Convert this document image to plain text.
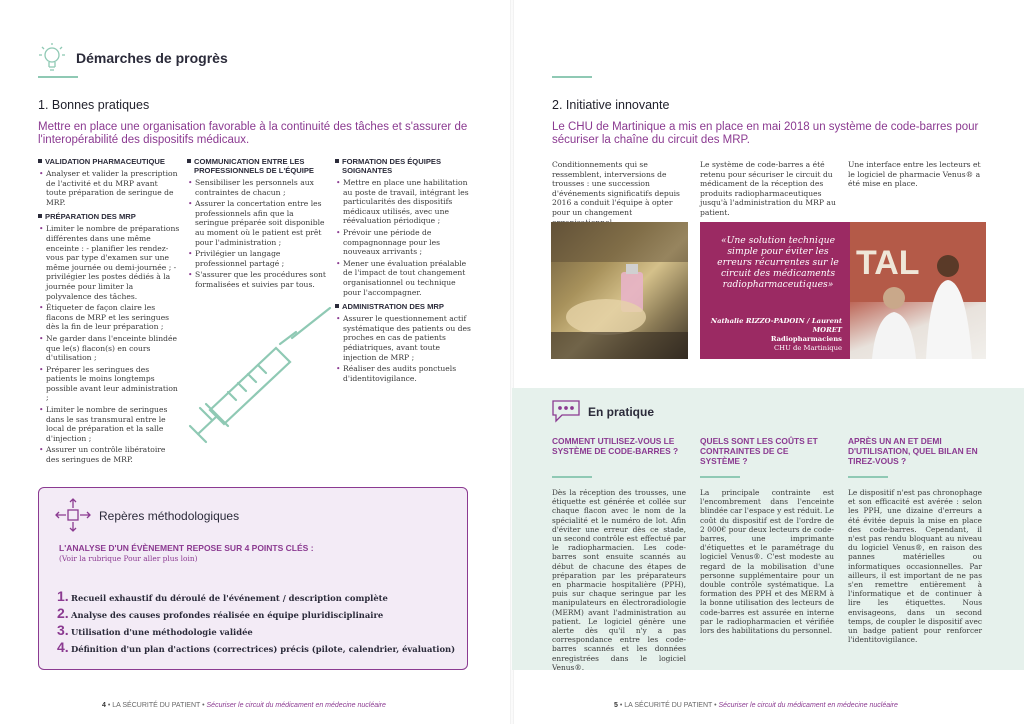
Démarches de progrès
1. Bonnes pratiques
Mettre en place une organisation favorable à la continuité des tâches et s'assurer de l'interopérabilité des dispositifs médicaux.
VALIDATION PHARMACEUTIQUE
• Analyser et valider la prescription de l'activité et du MRP avant toute préparation de seringue de MRP.
PRÉPARATION DES MRP
• Limiter le nombre de préparations différentes dans une même enceinte : - planifier les rendez-vous par type d'examen sur une même journée ou demi-journée ; - privilégier les postes dédiés à la journée pour limiter la polyvalence des tâches.
• Étiqueter de façon claire les flacons de MRP et les seringues dès la fin de leur préparation ;
• Ne garder dans l'enceinte blindée que le(s) flacon(s) en cours d'utilisation ;
• Préparer les seringues des patients le moins longtemps possible avant leur administration ;
• Limiter le nombre de seringues dans le sas transmural entre le local de préparation et la salle d'injection ;
• Assurer un contrôle libératoire des seringues de MRP.
COMMUNICATION ENTRE LES PROFESSIONNELS DE L'ÉQUIPE
• Sensibiliser les personnels aux contraintes de chacun ;
• Assurer la concertation entre les professionnels afin que la seringue préparée soit disponible au moment où le patient est prêt pour l'administration ;
• Privilégier un langage professionnel partagé ;
• S'assurer que les procédures sont formalisées et suivies par tous.
FORMATION DES ÉQUIPES SOIGNANTES
• Mettre en place une habilitation au poste de travail, intégrant les particularités des dispositifs médicaux utilisés, avec une réévaluation périodique ;
• Prévoir une période de compagnonnage pour les nouveaux arrivants ;
• Mener une évaluation préalable de l'impact de tout changement organisationnel ou technique pour l'accompagner.
ADMINISTRATION DES MRP
• Assurer le questionnement actif systématique des patients ou des proches en cas de patients pédiatriques, avant toute injection de MRP ;
• Réaliser des audits ponctuels d'identitovigilance.
Repères méthodologiques
L'ANALYSE D'UN ÉVÈNEMENT REPOSE SUR 4 POINTS CLÉS :
(Voir la rubrique Pour aller plus loin)
1. Recueil exhaustif du déroulé de l'événement / description complète
2. Analyse des causes profondes réalisée en équipe pluridisciplinaire
3. Utilisation d'une méthodologie validée
4. Définition d'un plan d'actions (correctrices) précis (pilote, calendrier, évaluation)
4 • LA SÉCURITÉ DU PATIENT • Sécuriser le circuit du médicament en médecine nucléaire
2. Initiative innovante
Le CHU de Martinique a mis en place en mai 2018 un système de code-barres pour sécuriser la chaîne du circuit des MRP.
Conditionnements qui se ressemblent, interversions de trousses : une succession d'événements significatifs depuis 2016 a conduit l'équipe à opter pour un changement
Le système de code-barres a été retenu pour sécuriser le circuit du médicament de la réception des produits radiopharmaceutiques jusqu'à l'administration du MRP au patient.
Une interface entre les lecteurs et le logiciel de pharmacie Venus® a été mise en place.
«Une solution technique simple pour éviter les erreurs récurrentes sur le circuit des médicaments radiopharmaceutiques»
Nathalie RIZZO-PADOIN / Laurent MORET
Radiopharmaciens
CHU de Martinique
TAL
En pratique
COMMENT UTILISEZ-VOUS LE SYSTÈME DE CODE-BARRES ?
Dès la réception des trousses, une étiquette est générée et collée sur chaque flacon avec le nom de la spécialité et le numéro de lot. Afin d'éviter une erreur dès ce stade, un second contrôle est effectué par le radiopharmacien. Les code-barres sont ensuite scannés au début de chacune des étapes de préparation par les préparateurs en pharmacie hospitalière (PPH), puis sur chaque seringue par les manipulateurs en électroradiologie (MERM) avant l'administration au patient. Le logiciel génère une alerte dès qu'il n'y a pas correspondance entre les code-barres scannés et les données enregistrées dans le logiciel Venus®.
QUELS SONT LES COÛTS ET CONTRAINTES DE CE SYSTÈME ?
La principale contrainte est l'encombrement dans l'enceinte blindée car l'espace y est réduit. Le coût du dispositif est de l'ordre de 2 000€ pour deux lecteurs de code-barres, une imprimante d'étiquettes et le paramétrage du logiciel Venus®. C'est modeste au regard de la mobilisation d'une personne supplémentaire pour un double contrôle systématique. La formation des PPH et des MERM à la bonne utilisation des lecteurs de code-barres est assurée en interne par le radiopharmacien et vérifiée lors des habilitations du personnel.
APRÈS UN AN ET DEMI D'UTILISATION, QUEL BILAN EN TIREZ-VOUS ?
Le dispositif n'est pas chronophage et son efficacité est avérée : selon les PPH, une dizaine d'erreurs a été évitée depuis la mise en place des code-barres. Cependant, il n'est pas rendu bloquant au niveau du logiciel Venus®, en raison des pannes matérielles ou informatiques occasionnelles. Par ailleurs, il est important de ne pas s'en remettre entièrement à l'informatique et de continuer à lire les étiquettes. Nous envisageons, dans un second temps, de coupler le dispositif avec un badge patient pour renforcer l'identitovigilance.
5 • LA SÉCURITÉ DU PATIENT • Sécuriser le circuit du médicament en médecine nucléaire
